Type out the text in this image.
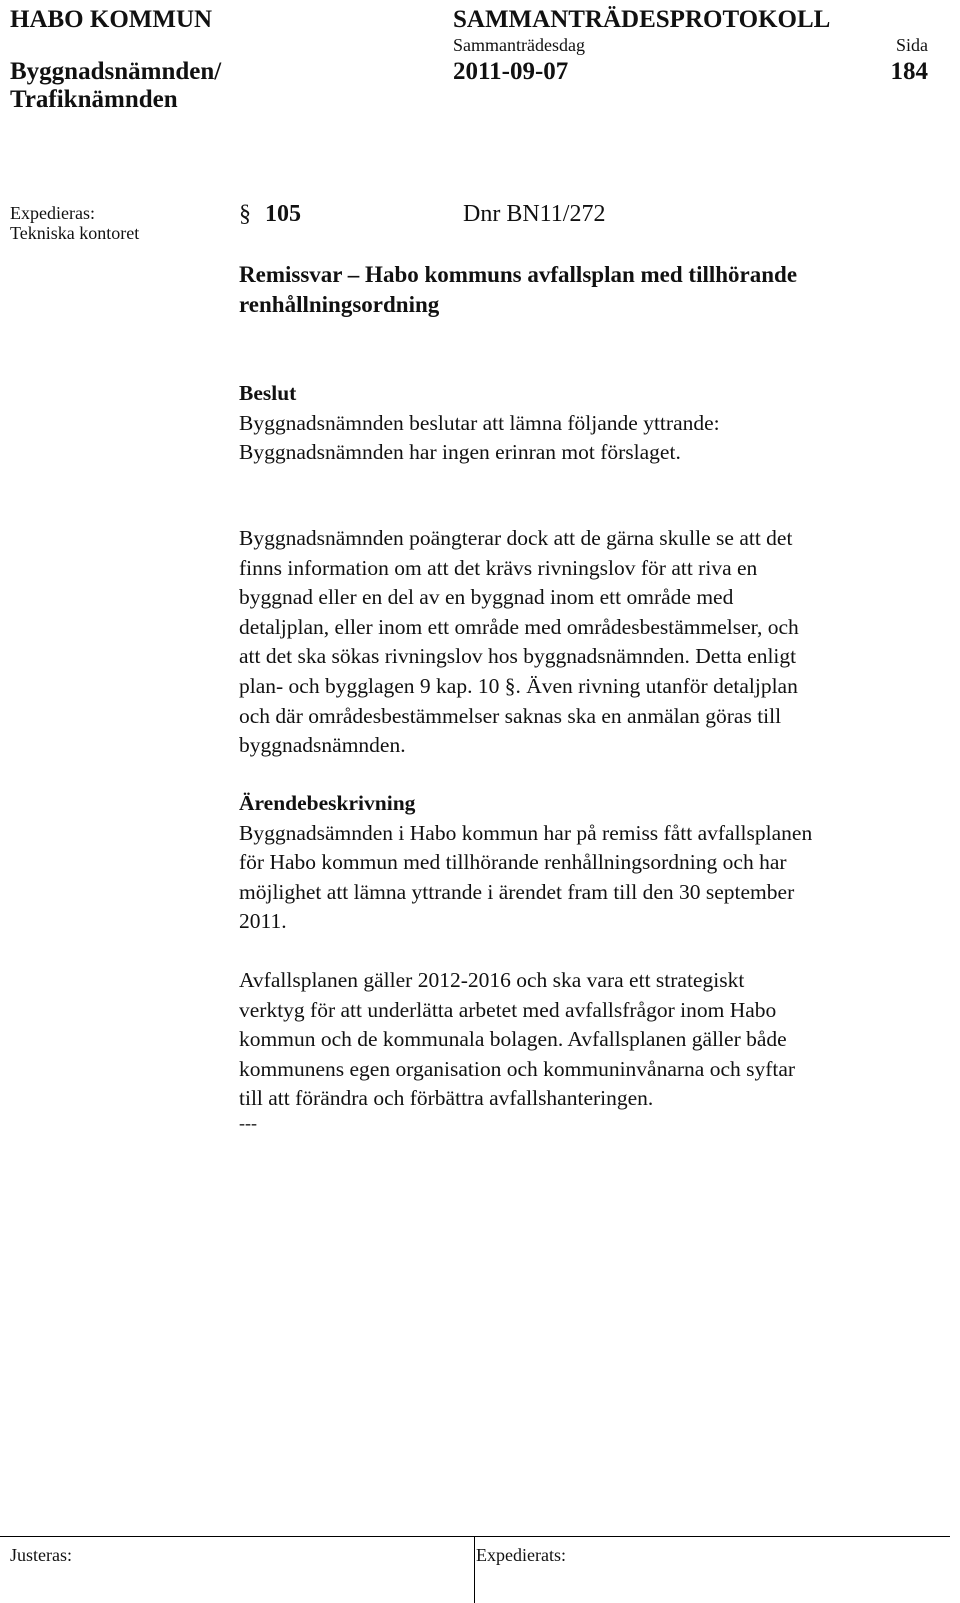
HABO KOMMUN
Byggnadsnämnden/
Trafiknämnden
SAMMANTRÄDESPROTOKOLL
Sammanträdesdag
2011-09-07
Sida
184
Expedieras:
Tekniska kontoret
§ 105	Dnr BN11/272
Remissvar – Habo kommuns avfallsplan med tillhörande
renhållningsordning
Beslut
Byggnadsnämnden beslutar att lämna följande yttrande:
Byggnadsnämnden har ingen erinran mot förslaget.
Byggnadsnämnden poängterar dock att de gärna skulle se att det
finns information om att det krävs rivningslov för att riva en
byggnad eller en del av en byggnad inom ett område med
detaljplan, eller inom ett område med områdesbestämmelser, och
att det ska sökas rivningslov hos byggnadsnämnden. Detta enligt
plan- och bygglagen 9 kap. 10 §. Även rivning utanför detaljplan
och där områdesbestämmelser saknas ska en anmälan göras till
byggnadsnämnden.
Ärendebeskrivning
Byggnadsämnden i Habo kommun har på remiss fått avfallsplanen
för Habo kommun med tillhörande renhållningsordning och har
möjlighet att lämna yttrande i ärendet fram till den 30 september
2011.
Avfallsplanen gäller 2012-2016 och ska vara ett strategiskt
verktyg för att underlätta arbetet med avfallsfrågor inom Habo
kommun och de kommunala bolagen. Avfallsplanen gäller både
kommunens egen organisation och kommuninvånarna och syftar
till att förändra och förbättra avfallshanteringen.
---
Justeras:	Expedierats:
